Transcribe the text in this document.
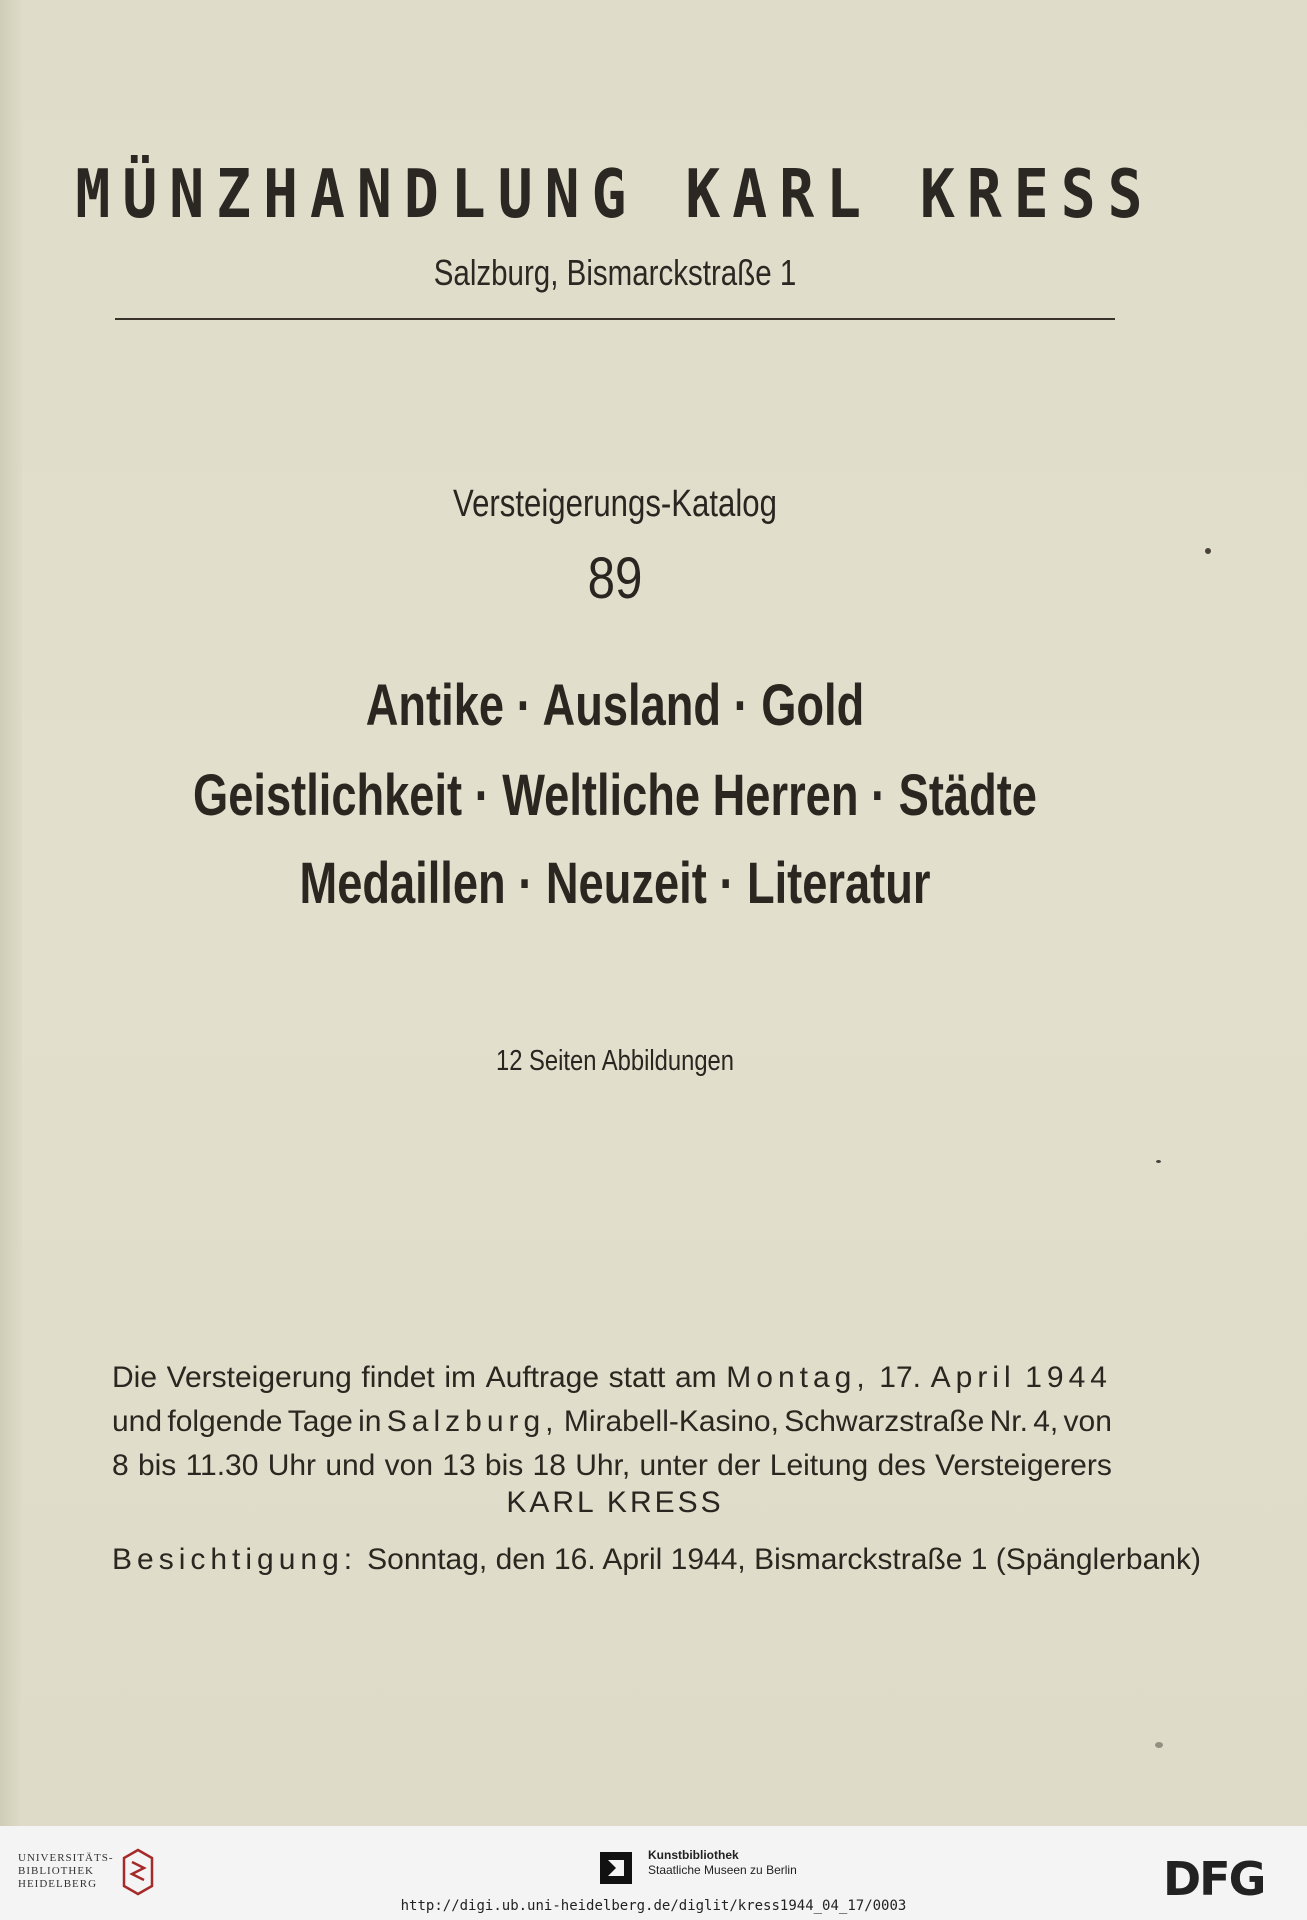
MÜNZHANDLUNG KARL KRESS
Salzburg, Bismarckstraße 1
Versteigerungs-Katalog
89
Antike · Ausland · Gold
Geistlichkeit · Weltliche Herren · Städte
Medaillen · Neuzeit · Literatur
12 Seiten Abbildungen
Die Versteigerung findet im Auftrage statt am Montag, 17. April 1944
und folgende Tage in Salzburg, Mirabell-Kasino, Schwarzstraße Nr. 4, von
8 bis 11.30 Uhr und von 13 bis 18 Uhr, unter der Leitung des Versteigerers
KARL KRESS
Besichtigung: Sonntag, den 16. April 1944, Bismarckstraße 1 (Spänglerbank)
UNIVERSITÄTS-
BIBLIOTHEK
HEIDELBERG
Kunstbibliothek
Staatliche Museen zu Berlin	DFG
http://digi.ub.uni-heidelberg.de/diglit/kress1944_04_17/0003
